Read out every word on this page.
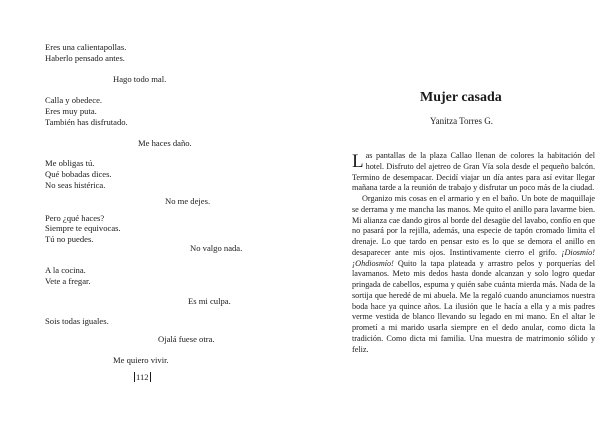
Eres una calientapollas.
Haberlo pensado antes.
Hago todo mal.
Calla y obedece.
Eres muy puta.
También has disfrutado.
Me haces daño.
Me obligas tú.
Qué bobadas dices.
No seas histérica.
No me dejes.
Pero ¿qué haces?
Siempre te equivocas.
Tú no puedes.
No valgo nada.
A la cocina.
Vete a fregar.
Es mi culpa.
Sois todas iguales.
Ojalá fuese otra.
Me quiero vivir.
112
Mujer casada
Yanitza Torres G.

Las pantallas de la plaza Callao llenan de colores la habitación del hotel. Disfruto del ajetreo de Gran Vía sola desde el pequeño balcón. Termino de desempacar. Decidí viajar un día antes para así evitar llegar mañana tarde a la reunión de trabajo y disfrutar un poco más de la ciudad.

Organizo mis cosas en el armario y en el baño. Un bote de maquillaje se derrama y me mancha las manos. Me quito el anillo para lavarme bien. Mi alianza cae dando giros al borde del desagüe del lavabo, confío en que no pasará por la rejilla, además, una especie de tapón cromado limita el drenaje. Lo que tardo en pensar esto es lo que se demora el anillo en desaparecer ante mis ojos. Instintivamente cierro el grifo. ¡Diosmío! ¡Ohdiosmío! Quito la tapa plateada y arrastro pelos y porquerías del lavamanos. Meto mis dedos hasta donde alcanzan y solo logro quedar pringada de cabellos, espuma y quién sabe cuánta mierda más. Nada de la sortija que heredé de mi abuela. Me la regaló cuando anunciamos nuestra boda hace ya quince años. La ilusión que le hacía a ella y a mis padres verme vestida de blanco llevando su legado en mi mano. En el altar le prometí a mi marido usarla siempre en el dedo anular, como dicta la tradición. Como dicta mi familia. Una muestra de matrimonio sólido y feliz.
